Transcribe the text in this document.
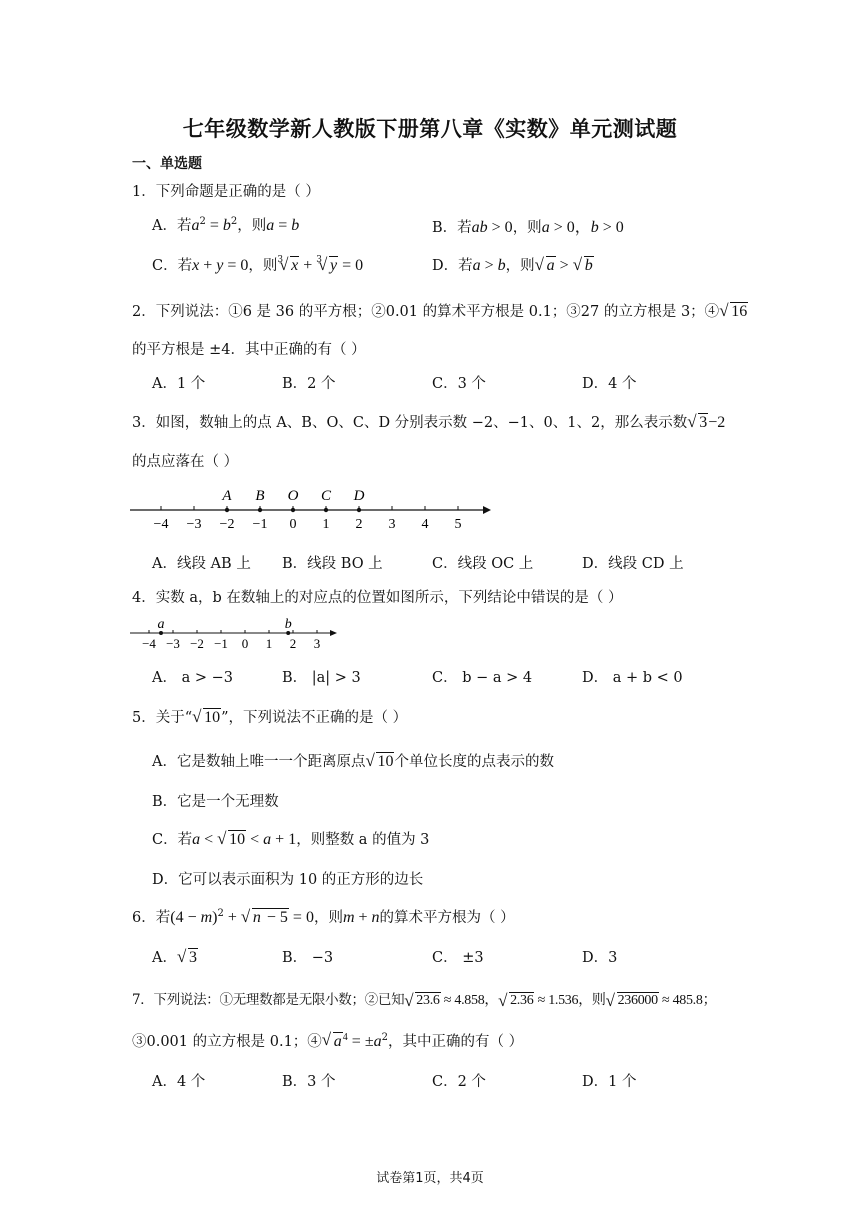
七年级数学新人教版下册第八章《实数》单元测试题
一、单选题
1．下列命题是正确的是（ ）
A．若$a^2 = b^2$，则a = b	B．若ab > 0，则a > 0，b > 0
C．若x + y = 0，则$^3$ √ x + $^3$ √ y = 0	D．若a > b，则 √ a > √ b
2．下列说法：①6 是 36 的平方根；②0.01 的算术平方根是 0.1；③27 的立方根是 3；④ √ 16
的平方根是 ±4．其中正确的有（ ）
A．1 个	B．2 个	C．3 个	D．4 个
3．如图，数轴上的点 A、B、O、C、D 分别表示数 −2、−1、0、1、2，那么表示数 √ 3−2
的点应落在（ ）
−4 −3 −2 −1 0 1 2 3 4 5
A B O C D
A．线段 AB 上 B．线段 BO 上	C．线段 OC 上	D．线段 CD 上
4．实数 a，b 在数轴上的对应点的位置如图所示，下列结论中错误的是（ ）
−4 −3 −2 −1 0 1 2 3
a	b
A． a > −3	B． |a| > 3	C． b − a > 4	D． a + b < 0
5．关于“ √ 10”，下列说法不正确的是（ ）
A．它是数轴上唯一一个距离原点 √ 10个单位长度的点表示的数
B．它是一个无理数
C．若a < √ 10 < a + 1，则整数 a 的值为 3
D．它可以表示面积为 10 的正方形的边长
6．若$(4 - m)^2$ + √ n − 5 = 0，则m + n的算术平方根为（ ）
A． √ 3	B． −3	C． ±3	D．3
7．下列说法：①无理数都是无限小数；②已知 √ 23.6 ≈ 4.858， √ 2.36 ≈ 1.536，则 √ 236000 ≈ 485.8；
③0.001 的立方根是 0.1；④ √ $a^4 = \pm a^2$，其中正确的有（ ）
A．4 个	B．3 个	C．2 个	D．1 个
试卷第1页，共4页
